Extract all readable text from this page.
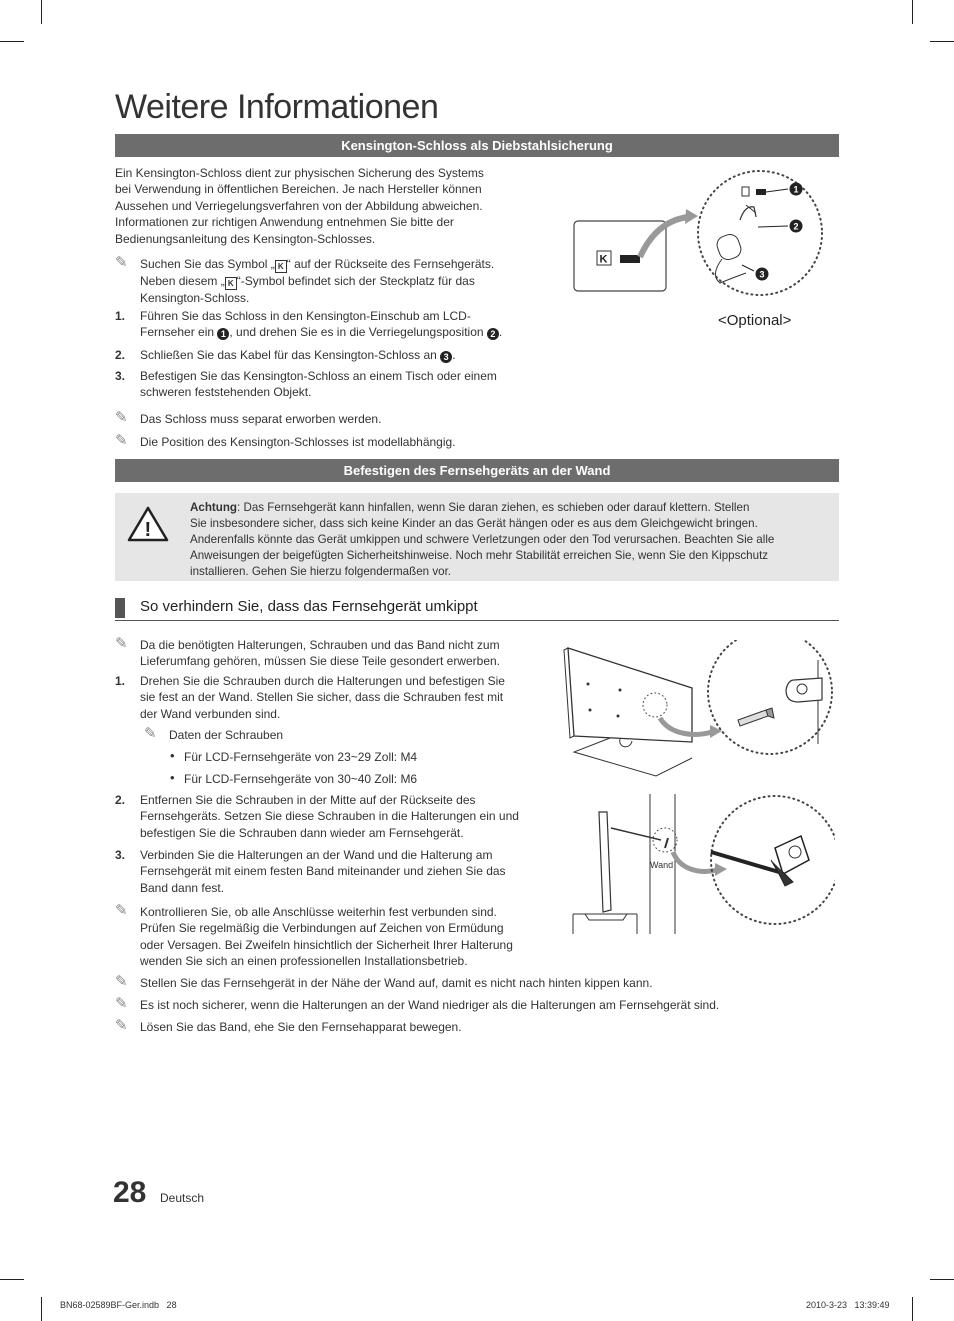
Weitere Informationen
Kensington-Schloss als Diebstahlsicherung
Ein Kensington-Schloss dient zur physischen Sicherung des Systems
bei Verwendung in öffentlichen Bereichen. Je nach Hersteller können
Aussehen und Verriegelungsverfahren von der Abbildung abweichen.
Informationen zur richtigen Anwendung entnehmen Sie bitte der
Bedienungsanleitung des Kensington-Schlosses.
✎ Suchen Sie das Symbol „ K “ auf der Rückseite des Fernsehgeräts.
Neben diesem „ K “-Symbol befindet sich der Steckplatz für das
Kensington-Schloss.
1. Führen Sie das Schloss in den Kensington-Einschub am LCD-
Fernseher ein 1 , und drehen Sie es in die Verriegelungsposition 2 .
2. Schließen Sie das Kabel für das Kensington-Schloss an 3 .
3. Befestigen Sie das Kensington-Schloss an einem Tisch oder einem
schweren feststehenden Objekt.
✎ Das Schloss muss separat erworben werden.
✎ Die Position des Kensington-Schlosses ist modellabhängig.
K
1
2
3
<Optional>
Befestigen des Fernsehgeräts an der Wand
!
Achtung: Das Fernsehgerät kann hinfallen, wenn Sie daran ziehen, es schieben oder darauf klettern. Stellen
Sie insbesondere sicher, dass sich keine Kinder an das Gerät hängen oder es aus dem Gleichgewicht bringen.
Anderenfalls könnte das Gerät umkippen und schwere Verletzungen oder den Tod verursachen. Beachten Sie alle
Anweisungen der beigefügten Sicherheitshinweise. Noch mehr Stabilität erreichen Sie, wenn Sie den Kippschutz
installieren. Gehen Sie hierzu folgendermaßen vor.
So verhindern Sie, dass das Fernsehgerät umkippt
✎ Da die benötigten Halterungen, Schrauben und das Band nicht zum
Lieferumfang gehören, müssen Sie diese Teile gesondert erwerben.
1. Drehen Sie die Schrauben durch die Halterungen und befestigen Sie
sie fest an der Wand. Stellen Sie sicher, dass die Schrauben fest mit
der Wand verbunden sind.
✎ Daten der Schrauben
• Für LCD-Fernsehgeräte von 23~29 Zoll: M4
• Für LCD-Fernsehgeräte von 30~40 Zoll: M6
2. Entfernen Sie die Schrauben in der Mitte auf der Rückseite des
Fernsehgeräts. Setzen Sie diese Schrauben in die Halterungen ein und
befestigen Sie die Schrauben dann wieder am Fernsehgerät.
3. Verbinden Sie die Halterungen an der Wand und die Halterung am
Fernsehgerät mit einem festen Band miteinander und ziehen Sie das
Band dann fest.
✎ Kontrollieren Sie, ob alle Anschlüsse weiterhin fest verbunden sind.
Prüfen Sie regelmäßig die Verbindungen auf Zeichen von Ermüdung
oder Versagen. Bei Zweifeln hinsichtlich der Sicherheit Ihrer Halterung
wenden Sie sich an einen professionellen Installationsbetrieb.
✎ Stellen Sie das Fernsehgerät in der Nähe der Wand auf, damit es nicht nach hinten kippen kann.
✎ Es ist noch sicherer, wenn die Halterungen an der Wand niedriger als die Halterungen am Fernsehgerät sind.
✎ Lösen Sie das Band, ehe Sie den Fernsehapparat bewegen.
Wand
28 Deutsch
BN68-02589BF-Ger.indb   28	2010-3-23   13:39:49
